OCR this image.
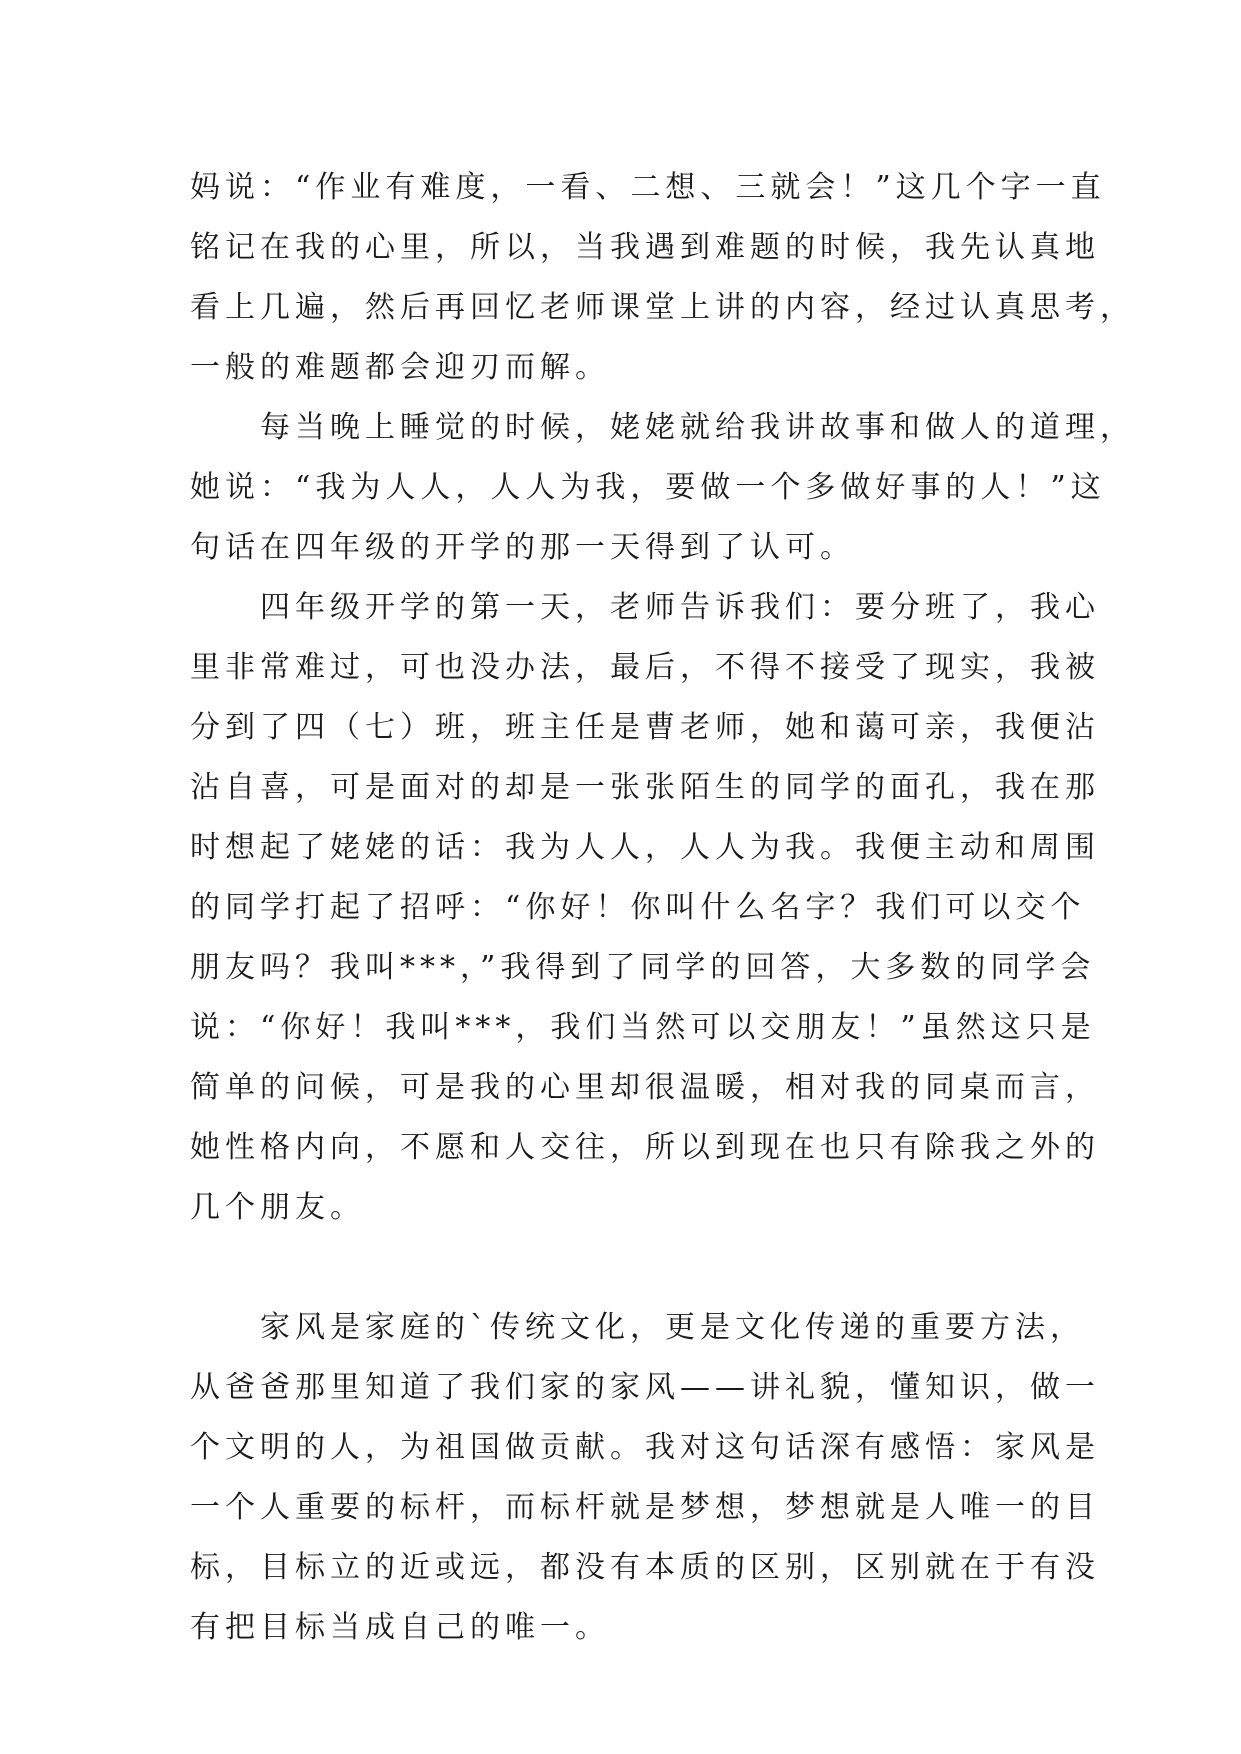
妈说：“作业有难度，一看、二想、三就会！”这几个字一直
铭记在我的心里，所以，当我遇到难题的时候，我先认真地
看上几遍，然后再回忆老师课堂上讲的内容，经过认真思考，
一般的难题都会迎刃而解。
　　每当晚上睡觉的时候，姥姥就给我讲故事和做人的道理，
她说：“我为人人，人人为我，要做一个多做好事的人！”这
句话在四年级的开学的那一天得到了认可。
　　四年级开学的第一天，老师告诉我们：要分班了，我心
里非常难过，可也没办法，最后，不得不接受了现实，我被
分到了四（七）班，班主任是曹老师，她和蔼可亲，我便沾
沾自喜，可是面对的却是一张张陌生的同学的面孔，我在那
时想起了姥姥的话：我为人人，人人为我。我便主动和周围
的同学打起了招呼：“你好！你叫什么名字？我们可以交个
朋友吗？我叫***，”我得到了同学的回答，大多数的同学会
说：“你好！我叫***，我们当然可以交朋友！”虽然这只是
简单的问候，可是我的心里却很温暖，相对我的同桌而言，
她性格内向，不愿和人交往，所以到现在也只有除我之外的
几个朋友。
　　家风是家庭的`传统文化，更是文化传递的重要方法，
从爸爸那里知道了我们家的家风——讲礼貌，懂知识，做一
个文明的人，为祖国做贡献。我对这句话深有感悟：家风是
一个人重要的标杆，而标杆就是梦想，梦想就是人唯一的目
标，目标立的近或远，都没有本质的区别，区别就在于有没
有把目标当成自己的唯一。
